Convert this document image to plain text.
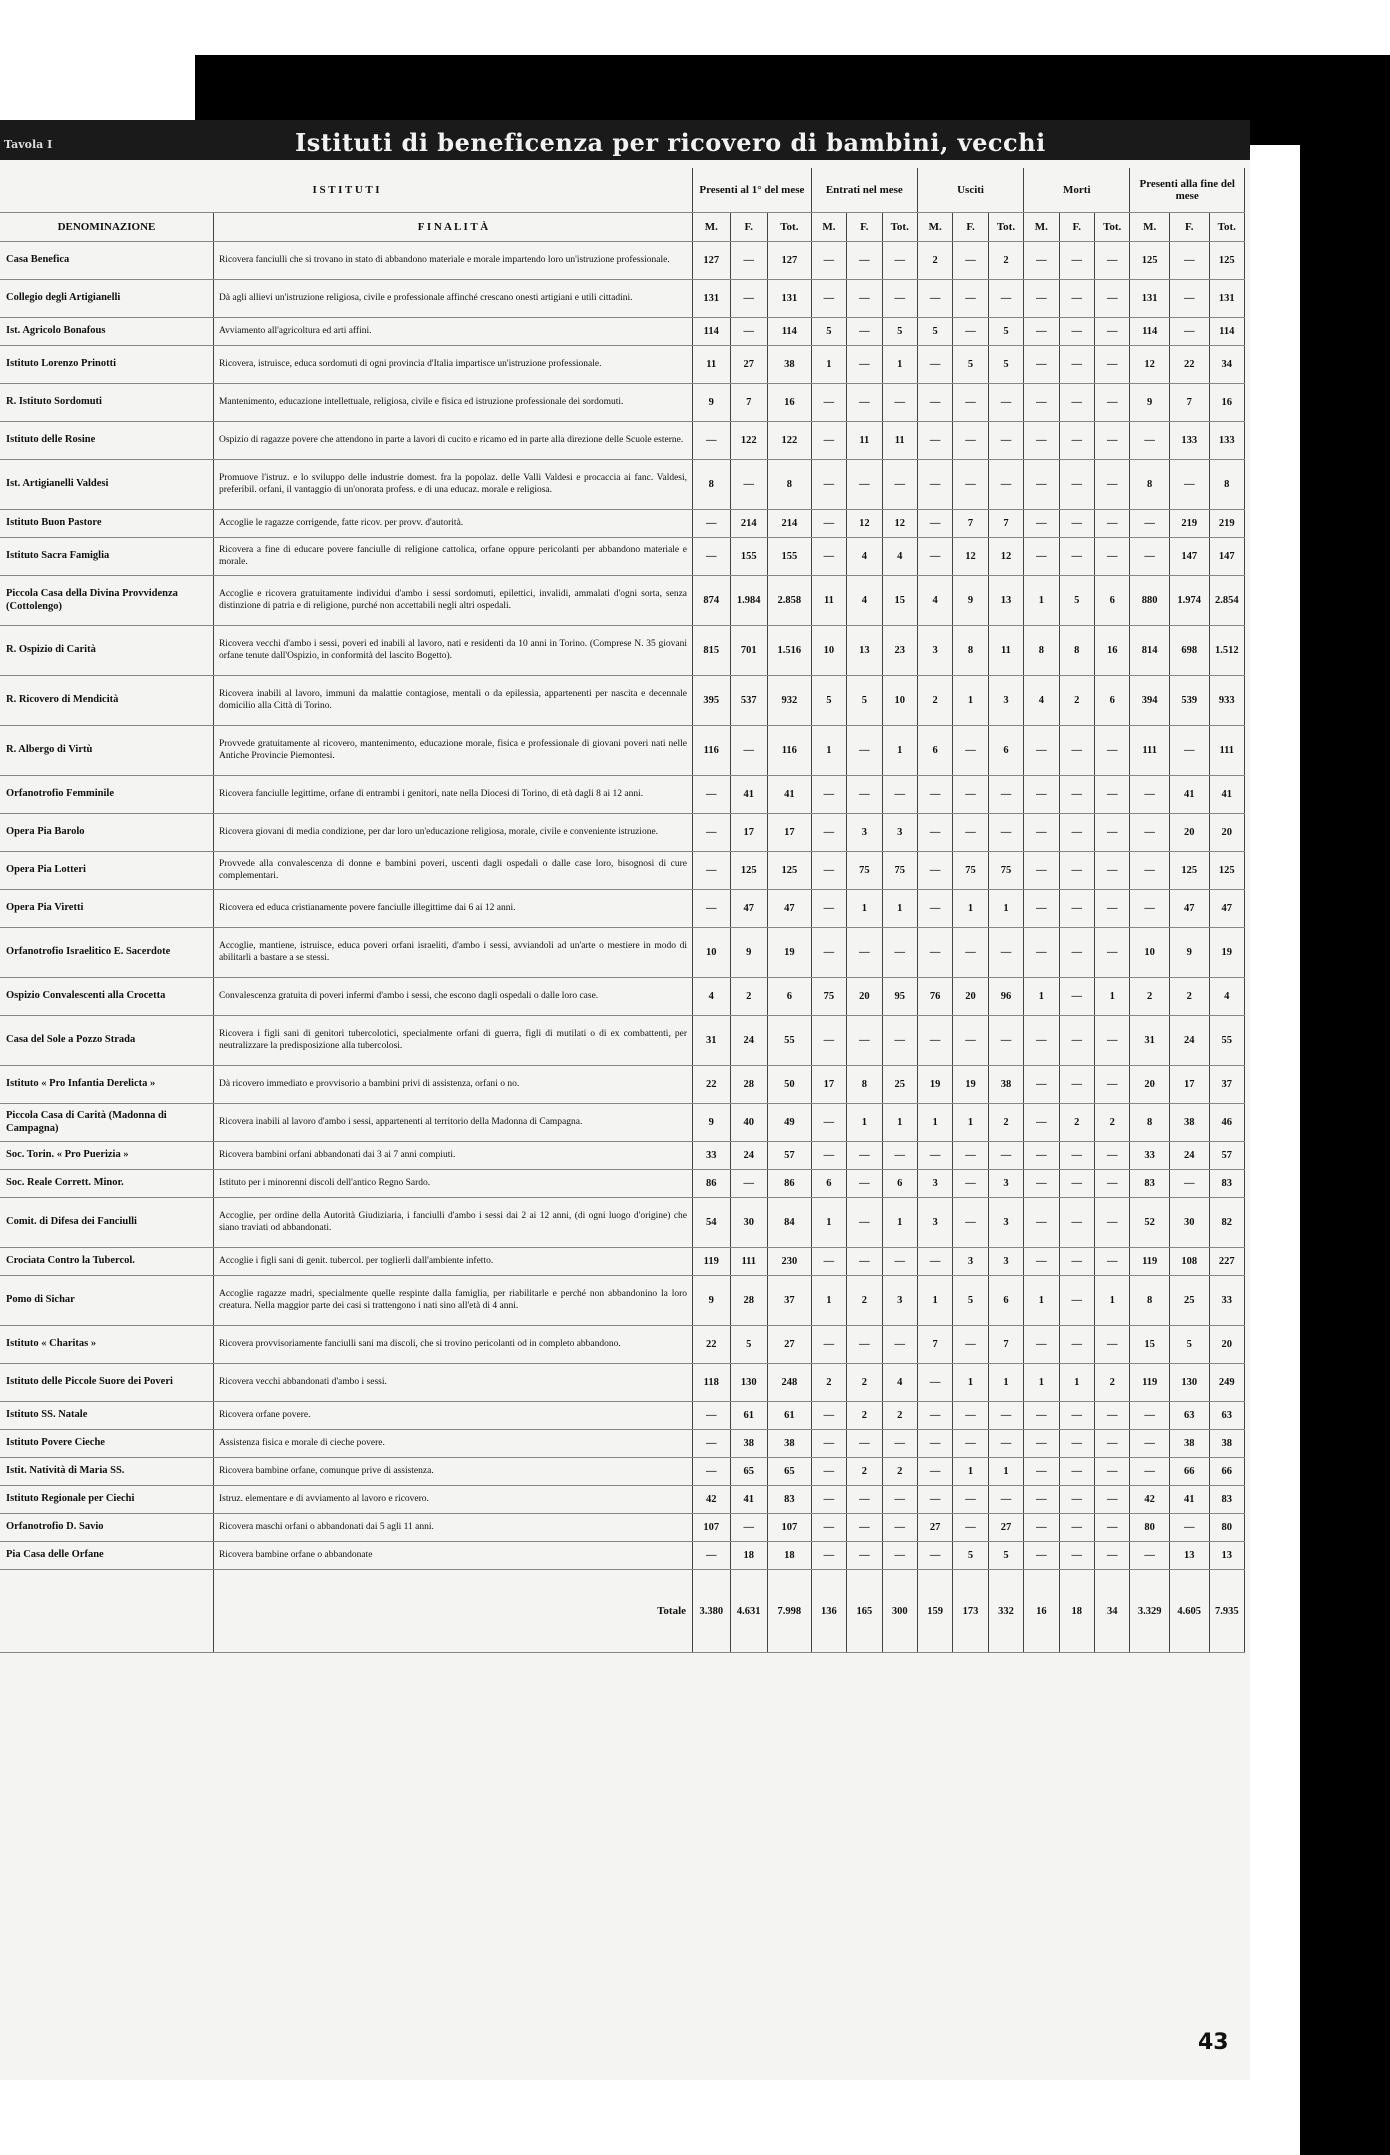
Tavola I	Istituti di beneficenza per ricovero di bambini, vecchi
I S T I T U T I		Presenti al 1° del mese			Entrati nel mese			Usciti			Morti			Presenti alla fine del mese		
DENOMINAZIONE	F I N A L I T À	M.	F.	Tot.	M.	F.	Tot.	M.	F.	Tot.	M.	F.	Tot.	M.	F.	Tot.
Casa Benefica	Ricovera fanciulli che si trovano in stato di abbandono materiale e morale impartendo loro un'istruzione professionale.	127	—	127	—	—	—	2	—	2	—	—	—	125	—	125
Collegio degli Artigianelli	Dà agli allievi un'istruzione religiosa, civile e professionale affinché crescano onesti artigiani e utili cittadini.	131	—	131	—	—	—	—	—	—	—	—	—	131	—	131
Ist. Agricolo Bonafous	Avviamento all'agricoltura ed arti affini.	114	—	114	5	—	5	5	—	5	—	—	—	114	—	114
Istituto Lorenzo Prinotti	Ricovera, istruisce, educa sordomuti di ogni provincia d'Italia impartisce un'istruzione professionale.	11	27	38	1	—	1	—	5	5	—	—	—	12	22	34
R. Istituto Sordomuti	Mantenimento, educazione intellettuale, religiosa, civile e fisica ed istruzione professionale dei sordomuti.	9	7	16	—	—	—	—	—	—	—	—	—	9	7	16
Istituto delle Rosine	Ospizio di ragazze povere che attendono in parte a lavori di cucito e ricamo ed in parte alla direzione delle Scuole esterne.	—	122	122	—	11	11	—	—	—	—	—	—	—	133	133
Ist. Artigianelli Valdesi	Promuove l'istruz. e lo sviluppo delle industrie domest. fra la popolaz. delle Valli Valdesi e procaccia ai fanc. Valdesi, preferibil. orfani, il vantaggio di un'onorata profess. e di una educaz. morale e religiosa.	8	—	8	—	—	—	—	—	—	—	—	—	8	—	8
Istituto Buon Pastore	Accoglie le ragazze corrigende, fatte ricov. per provv. d'autorità.	—	214	214	—	12	12	—	7	7	—	—	—	—	219	219
Istituto Sacra Famiglia	Ricovera a fine di educare povere fanciulle di religione cattolica, orfane oppure pericolanti per abbandono materiale e morale.	—	155	155	—	4	4	—	12	12	—	—	—	—	147	147
Piccola Casa della Divina Provvidenza (Cottolengo)	Accoglie e ricovera gratuitamente individui d'ambo i sessi sordomuti, epilettici, invalidi, ammalati d'ogni sorta, senza distinzione di patria e di religione, purché non accettabili negli altri ospedali.	874	1.984	2.858	11	4	15	4	9	13	1	5	6	880	1.974	2.854
R. Ospizio di Carità	Ricovera vecchi d'ambo i sessi, poveri ed inabili al lavoro, nati e residenti da 10 anni in Torino. (Comprese N. 35 giovani orfane tenute dall'Ospizio, in conformità del lascito Bogetto).	815	701	1.516	10	13	23	3	8	11	8	8	16	814	698	1.512
R. Ricovero di Mendicità	Ricovera inabili al lavoro, immuni da malattie contagiose, mentali o da epilessia, appartenenti per nascita e decennale domicilio alla Città di Torino.	395	537	932	5	5	10	2	1	3	4	2	6	394	539	933
R. Albergo di Virtù	Provvede gratuitamente al ricovero, mantenimento, educazione morale, fisica e professionale di giovani poveri nati nelle Antiche Provincie Piemontesi.	116	—	116	1	—	1	6	—	6	—	—	—	111	—	111
Orfanotrofio Femminile	Ricovera fanciulle legittime, orfane di entrambi i genitori, nate nella Diocesi di Torino, di età dagli 8 ai 12 anni.	—	41	41	—	—	—	—	—	—	—	—	—	—	41	41
Opera Pia Barolo	Ricovera giovani di media condizione, per dar loro un'educazione religiosa, morale, civile e conveniente istruzione.	—	17	17	—	3	3	—	—	—	—	—	—	—	20	20
Opera Pia Lotteri	Provvede alla convalescenza di donne e bambini poveri, uscenti dagli ospedali o dalle case loro, bisognosi di cure complementari.	—	125	125	—	75	75	—	75	75	—	—	—	—	125	125
Opera Pia Viretti	Ricovera ed educa cristianamente povere fanciulle illegittime dai 6 ai 12 anni.	—	47	47	—	1	1	—	1	1	—	—	—	—	47	47
Orfanotrofio Israelitico E. Sacerdote	Accoglie, mantiene, istruisce, educa poveri orfani israeliti, d'ambo i sessi, avviandoli ad un'arte o mestiere in modo di abilitarli a bastare a se stessi.	10	9	19	—	—	—	—	—	—	—	—	—	10	9	19
Ospizio Convalescenti alla Crocetta	Convalescenza gratuita di poveri infermi d'ambo i sessi, che escono dagli ospedali o dalle loro case.	4	2	6	75	20	95	76	20	96	1	—	1	2	2	4
Casa del Sole a Pozzo Strada	Ricovera i figli sani di genitori tubercolotici, specialmente orfani di guerra, figli di mutilati o di ex combattenti, per neutralizzare la predisposizione alla tubercolosi.	31	24	55	—	—	—	—	—	—	—	—	—	31	24	55
Istituto « Pro Infantia Derelicta »	Dà ricovero immediato e provvisorio a bambini privi di assistenza, orfani o no.	22	28	50	17	8	25	19	19	38	—	—	—	20	17	37
Piccola Casa di Carità (Madonna di Campagna)	Ricovera inabili al lavoro d'ambo i sessi, appartenenti al territorio della Madonna di Campagna.	9	40	49	—	1	1	1	1	2	—	2	2	8	38	46
Soc. Torin. « Pro Puerizia »	Ricovera bambini orfani abbandonati dai 3 ai 7 anni compiuti.	33	24	57	—	—	—	—	—	—	—	—	—	33	24	57
Soc. Reale Corrett. Minor.	Istituto per i minorenni discoli dell'antico Regno Sardo.	86	—	86	6	—	6	3	—	3	—	—	—	83	—	83
Comit. di Difesa dei Fanciulli	Accoglie, per ordine della Autorità Giudiziaria, i fanciulli d'ambo i sessi dai 2 ai 12 anni, (di ogni luogo d'origine) che siano traviati od abbandonati.	54	30	84	1	—	1	3	—	3	—	—	—	52	30	82
Crociata Contro la Tubercol.	Accoglie i figli sani di genit. tubercol. per toglierli dall'ambiente infetto.	119	111	230	—	—	—	—	3	3	—	—	—	119	108	227
Pomo di Sichar	Accoglie ragazze madri, specialmente quelle respinte dalla famiglia, per riabilitarle e perché non abbandonino la loro creatura. Nella maggior parte dei casi si trattengono i nati sino all'età di 4 anni.	9	28	37	1	2	3	1	5	6	1	—	1	8	25	33
Istituto « Charitas »	Ricovera provvisoriamente fanciulli sani ma discoli, che si trovino pericolanti od in completo abbandono.	22	5	27	—	—	—	7	—	7	—	—	—	15	5	20
Istituto delle Piccole Suore dei Poveri	Ricovera vecchi abbandonati d'ambo i sessi.	118	130	248	2	2	4	—	1	1	1	1	2	119	130	249
Istituto SS. Natale	Ricovera orfane povere.	—	61	61	—	2	2	—	—	—	—	—	—	—	63	63
Istituto Povere Cieche	Assistenza fisica e morale di cieche povere.	—	38	38	—	—	—	—	—	—	—	—	—	—	38	38
Istit. Natività di Maria SS.	Ricovera bambine orfane, comunque prive di assistenza.	—	65	65	—	2	2	—	1	1	—	—	—	—	66	66
Istituto Regionale per Ciechi	Istruz. elementare e di avviamento al lavoro e ricovero.	42	41	83	—	—	—	—	—	—	—	—	—	42	41	83
Orfanotrofio D. Savio	Ricovera maschi orfani o abbandonati dai 5 agli 11 anni.	107	—	107	—	—	—	27	—	27	—	—	—	80	—	80
Pia Casa delle Orfane	Ricovera bambine orfane o abbandonate	—	18	18	—	—	—	—	5	5	—	—	—	—	13	13
	Totale	3.380	4.631	7.998	136	165	300	159	173	332	16	18	34	3.329	4.605	7.935
43
